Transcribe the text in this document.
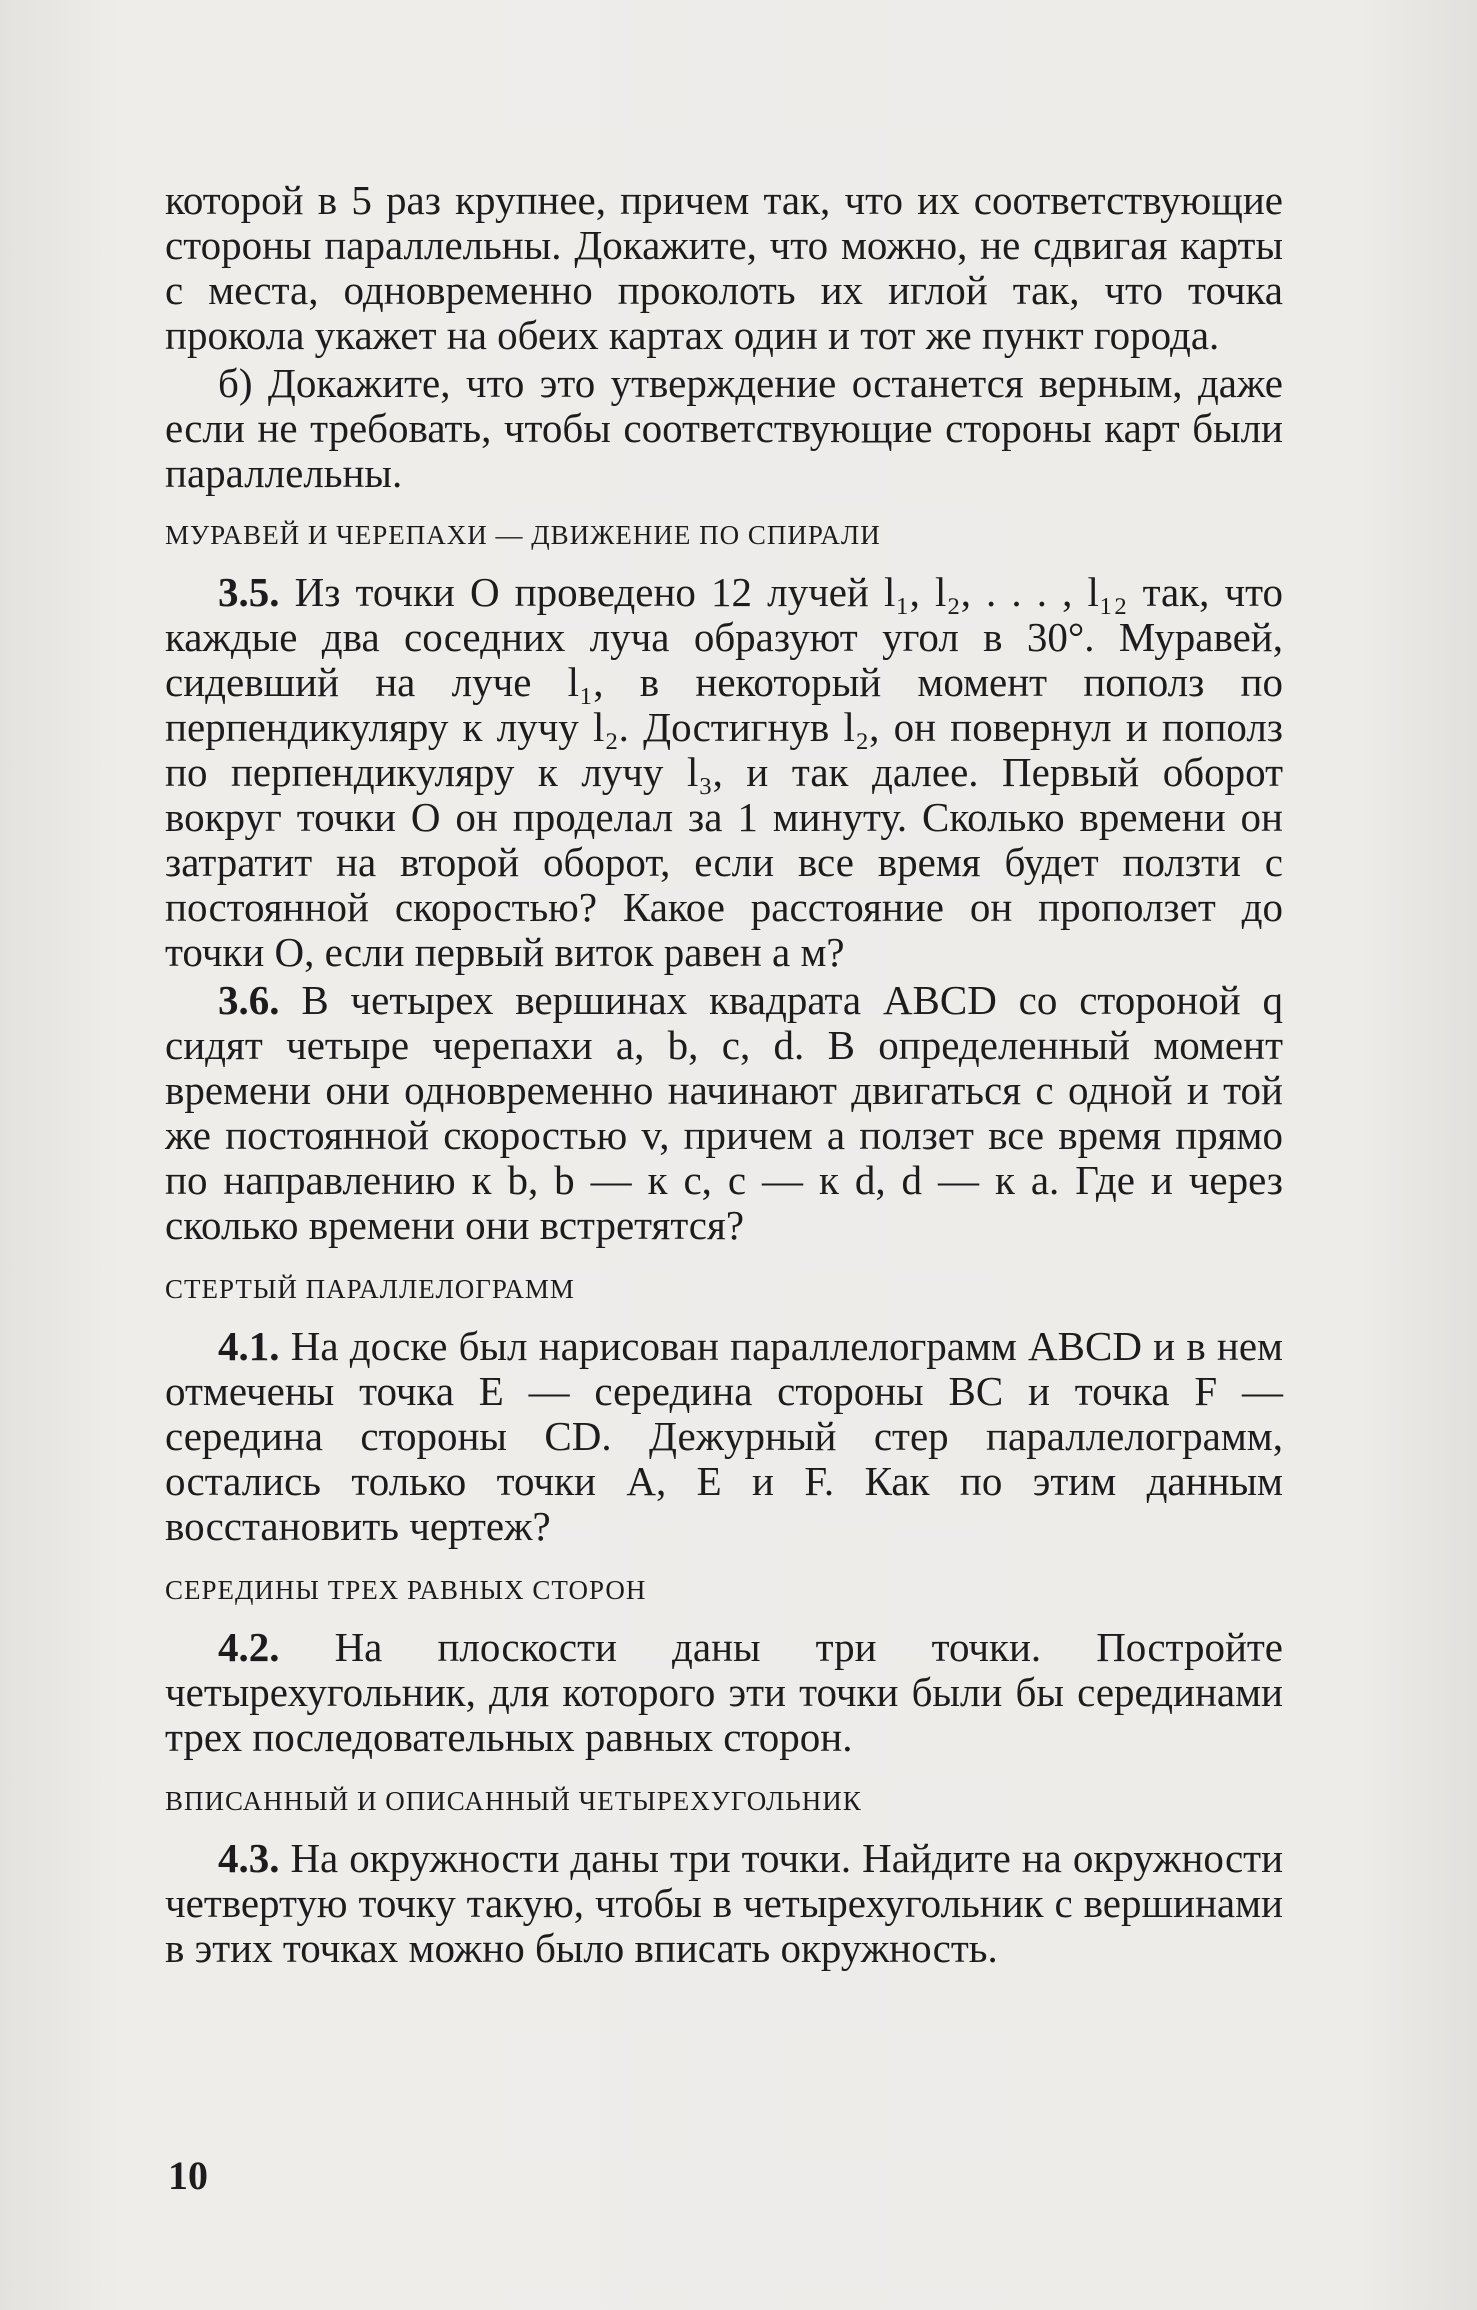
которой в 5 раз крупнее, причем так, что их соответствующие стороны параллельны. Докажите, что можно, не сдвигая карты с места, одновременно проколоть их иглой так, что точка прокола укажет на обеих картах один и тот же пункт города.

б) Докажите, что это утверждение останется верным, даже если не требовать, чтобы соответствующие стороны карт были параллельны.

МУРАВЕЙ И ЧЕРЕПАХИ — ДВИЖЕНИЕ ПО СПИРАЛИ

3.5. Из точки O проведено 12 лучей l₁, l₂, . . . , l₁₂ так, что каждые два соседних луча образуют угол в 30°. Муравей, сидевший на луче l₁, в некоторый момент пополз по перпендикуляру к лучу l₂. Достигнув l₂, он повернул и пополз по перпендикуляру к лучу l₃, и так далее. Первый оборот вокруг точки O он проделал за 1 минуту. Сколько времени он затратит на второй оборот, если все время будет ползти с постоянной скоростью? Какое расстояние он проползет до точки O, если первый виток равен a м?

3.6. В четырех вершинах квадрата ABCD со стороной q сидят четыре черепахи a, b, c, d. В определенный момент времени они одновременно начинают двигаться с одной и той же постоянной скоростью v, причем a ползет все время прямо по направлению к b, b — к c, c — к d, d — к a. Где и через сколько времени они встретятся?

СТЕРТЫЙ ПАРАЛЛЕЛОГРАММ

4.1. На доске был нарисован параллелограмм ABCD и в нем отмечены точка E — середина стороны BC и точка F — середина стороны CD. Дежурный стер параллелограмм, остались только точки A, E и F. Как по этим данным восстановить чертеж?

СЕРЕДИНЫ ТРЕХ РАВНЫХ СТОРОН

4.2. На плоскости даны три точки. Постройте четырехугольник, для которого эти точки были бы серединами трех последовательных равных сторон.

ВПИСАННЫЙ И ОПИСАННЫЙ ЧЕТЫРЕХУГОЛЬНИК

4.3. На окружности даны три точки. Найдите на окружности четвертую точку такую, чтобы в четырехугольник с вершинами в этих точках можно было вписать окружность.

10
